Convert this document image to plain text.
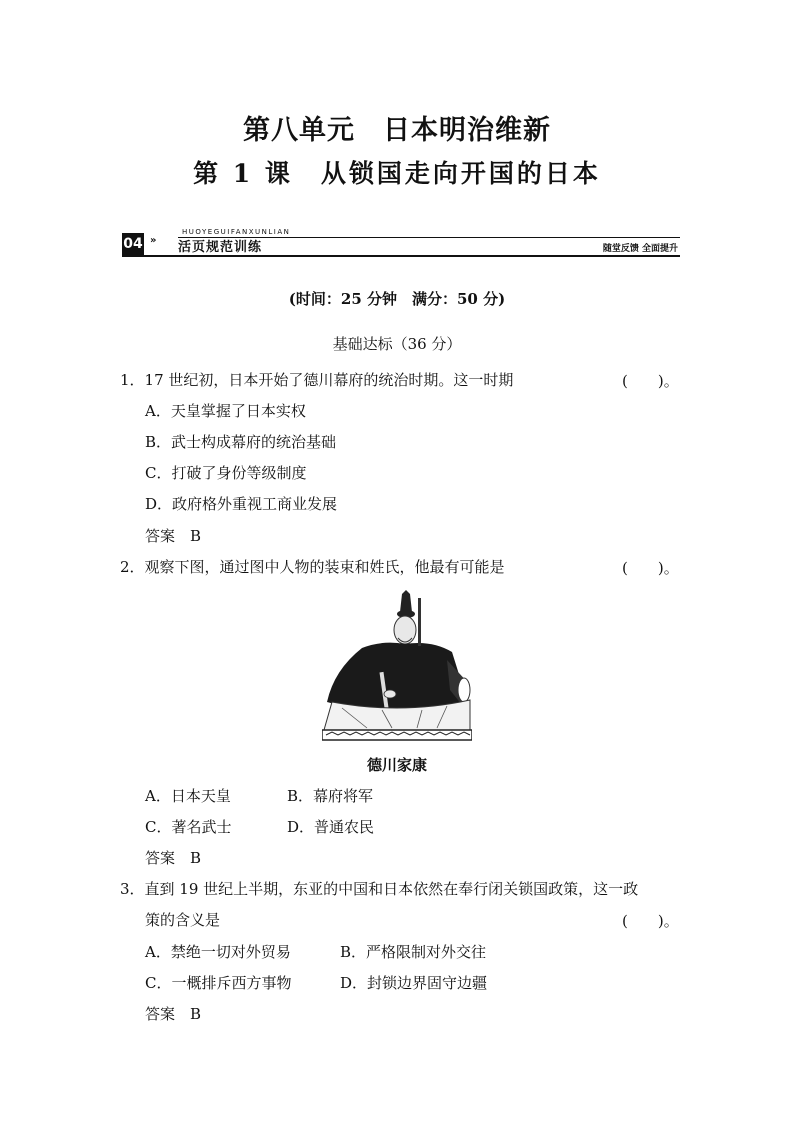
第八单元　日本明治维新
第 1 课　从锁国走向开国的日本
HUOYEGUIFANXUNLIAN
04 » 活页规范训练	随堂反馈 全面提升
(时间：25 分钟　满分：50 分)
基础达标（36 分）
1．17 世纪初，日本开始了德川幕府的统治时期。这一时期	(　　)。
A．天皇掌握了日本实权
B．武士构成幕府的统治基础
C．打破了身份等级制度
D．政府格外重视工商业发展
答案　B
2．观察下图，通过图中人物的装束和姓氏，他最有可能是	(　　)。
德川家康
A．日本天皇	B．幕府将军
C．著名武士	D．普通农民
答案　B
3．直到 19 世纪上半期，东亚的中国和日本依然在奉行闭关锁国政策，这一政
策的含义是	(　　)。
A．禁绝一切对外贸易	B．严格限制对外交往
C．一概排斥西方事物	D．封锁边界固守边疆
答案　B
